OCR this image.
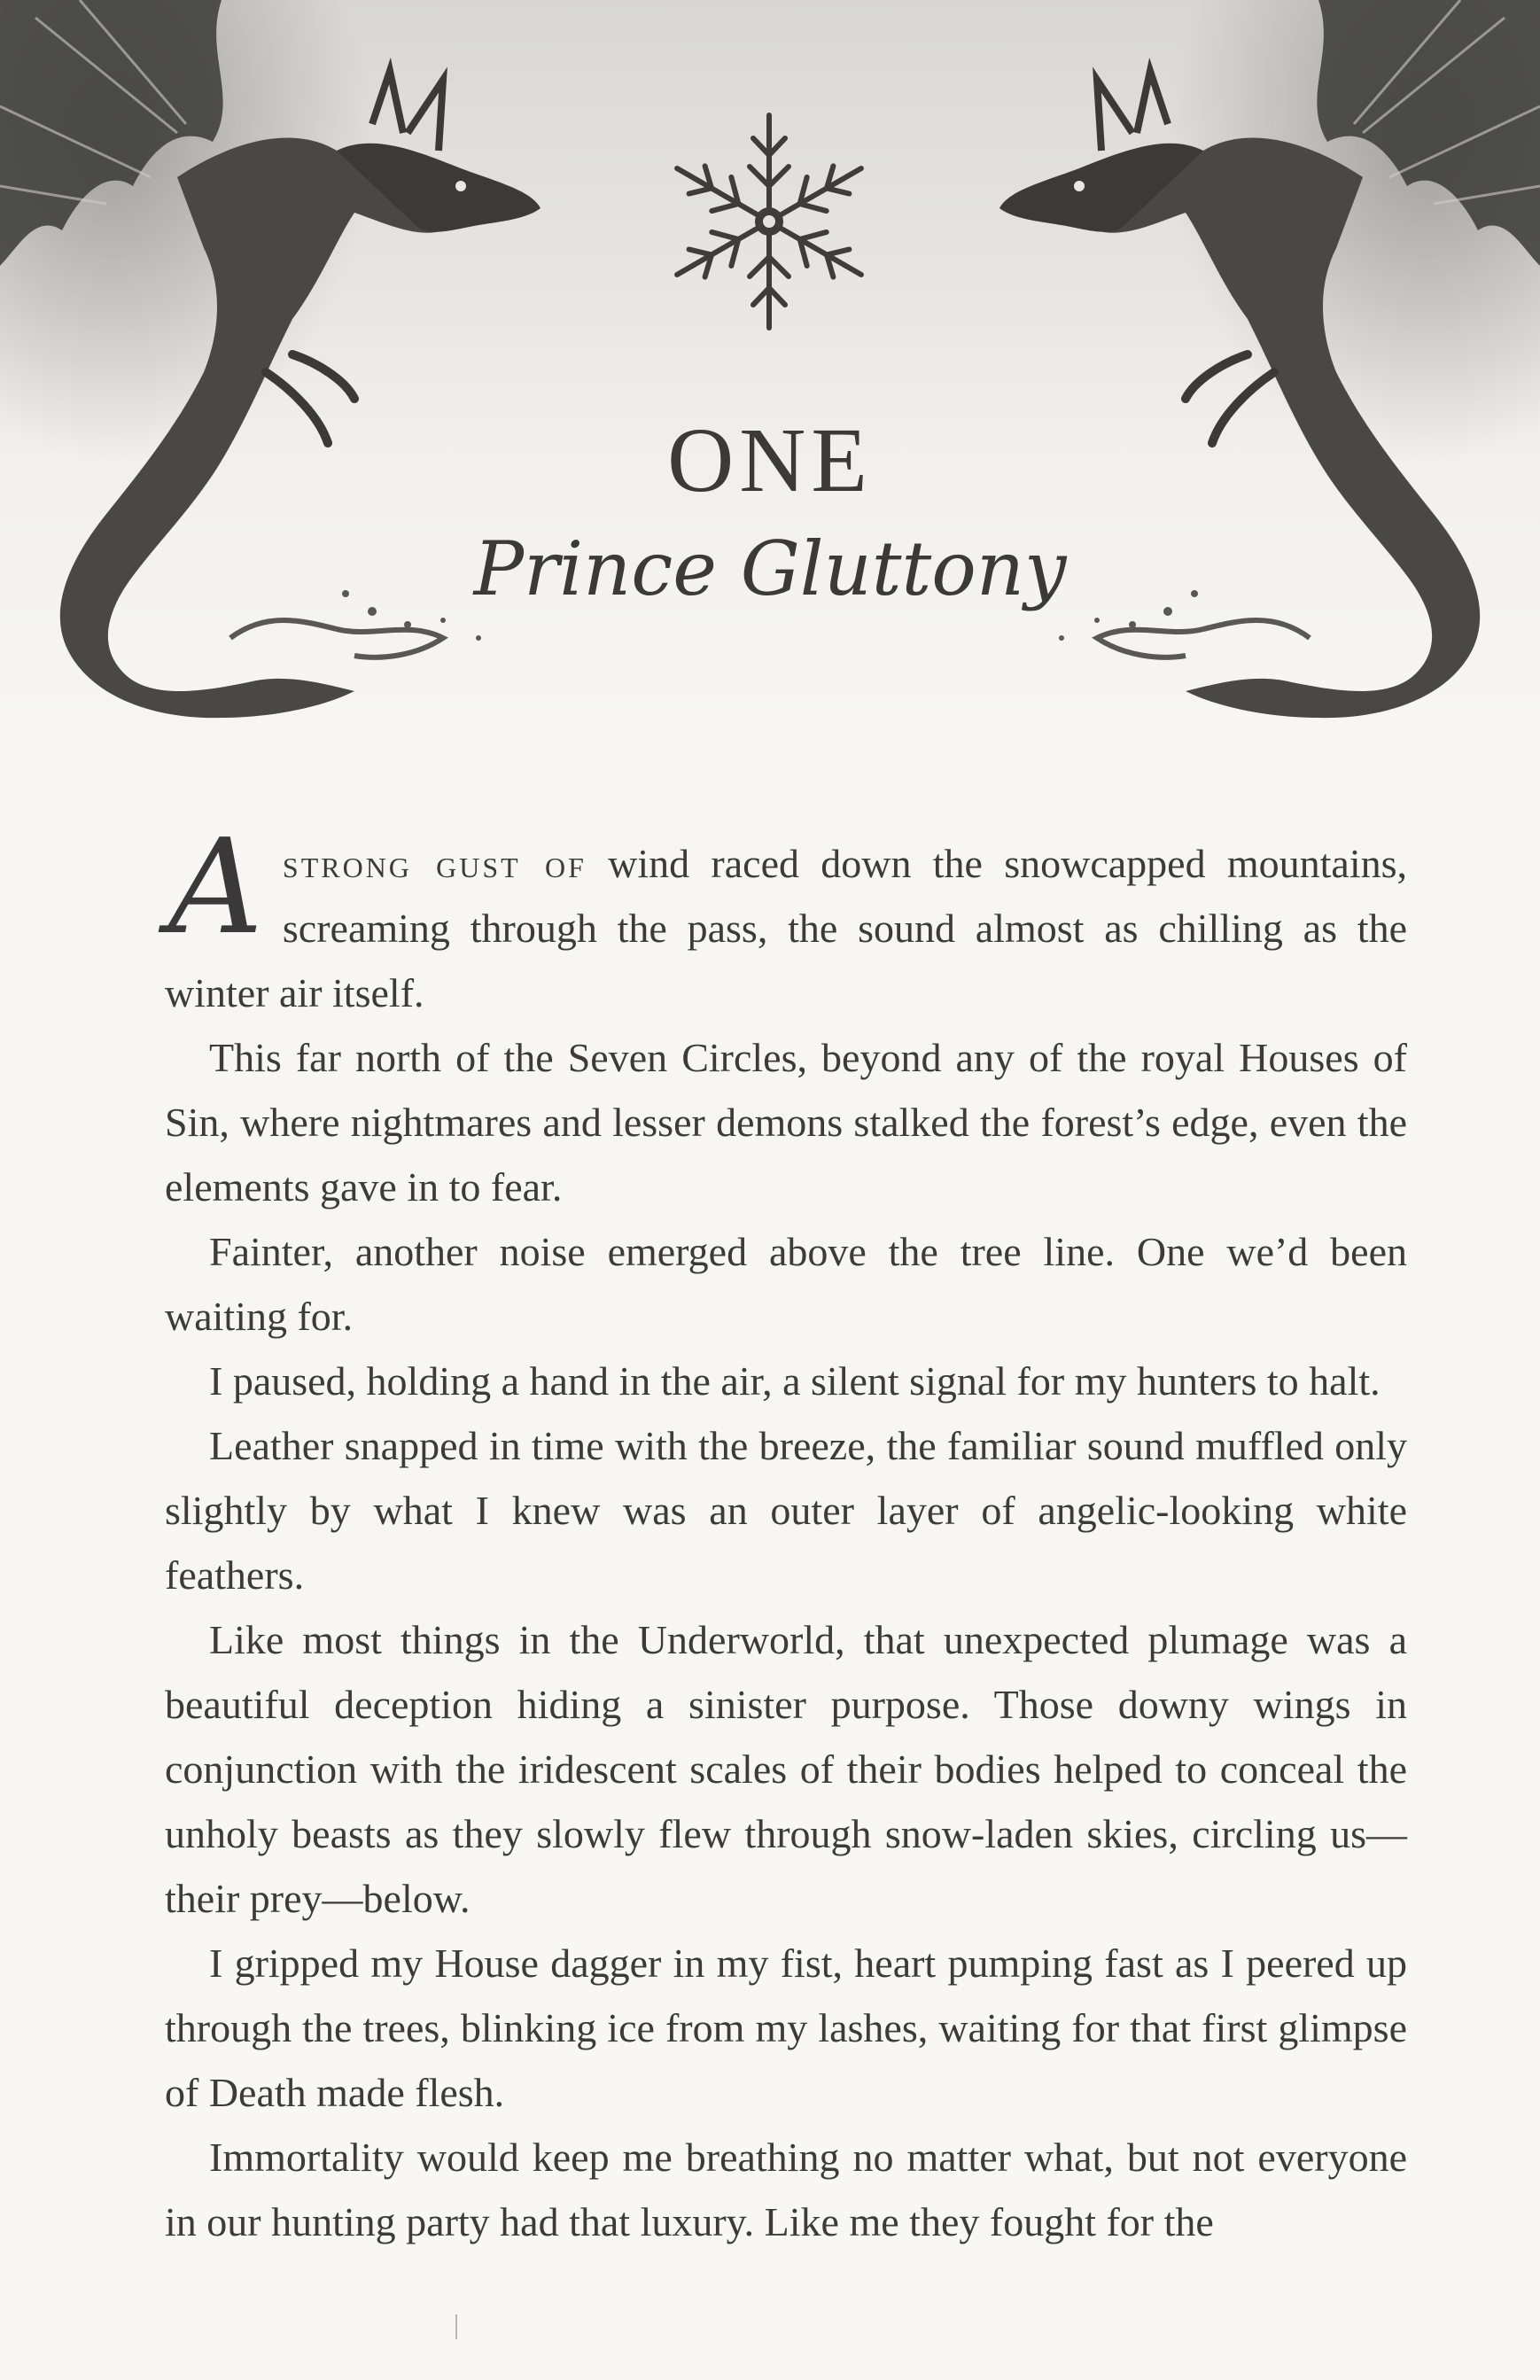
ONE
Prince Gluttony

Astrong gust of wind raced down the snowcapped mountains, screaming through the pass, the sound almost as chilling as the winter air itself.

This far north of the Seven Circles, beyond any of the royal Houses of Sin, where nightmares and lesser demons stalked the forest’s edge, even the elements gave in to fear.

Fainter, another noise emerged above the tree line. One we’d been waiting for.

I paused, holding a hand in the air, a silent signal for my hunters to halt.

Leather snapped in time with the breeze, the familiar sound muffled only slightly by what I knew was an outer layer of angelic-looking white feathers.

Like most things in the Underworld, that unexpected plumage was a beautiful deception hiding a sinister purpose. Those downy wings in conjunction with the iridescent scales of their bodies helped to conceal the unholy beasts as they slowly flew through snow-laden skies, circling us—their prey—below.

I gripped my House dagger in my fist, heart pumping fast as I peered up through the trees, blinking ice from my lashes, waiting for that first glimpse of Death made flesh.

Immortality would keep me breathing no matter what, but not everyone in our hunting party had that luxury. Like me they fought for the
